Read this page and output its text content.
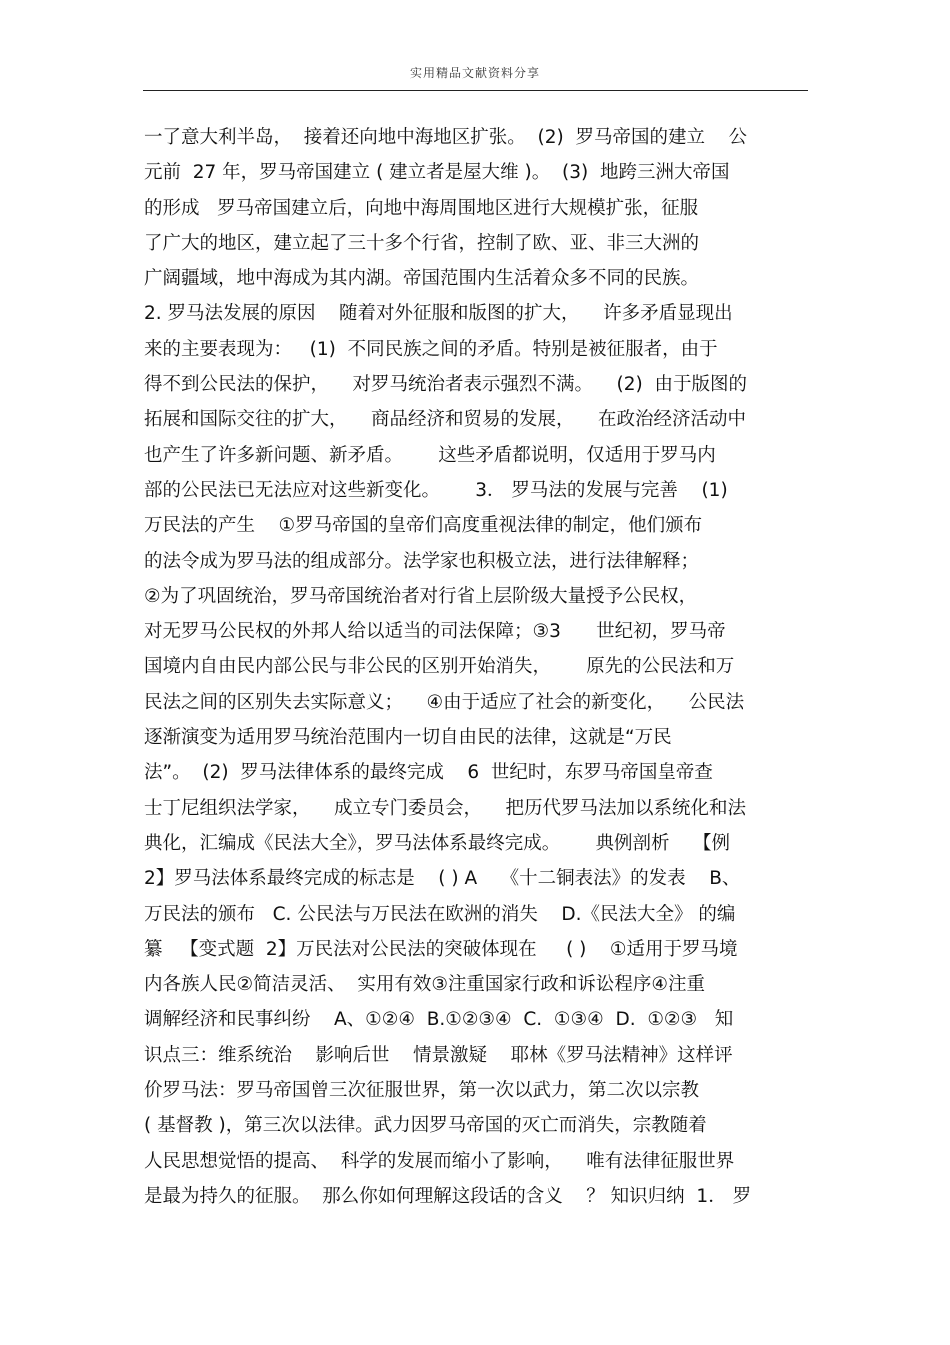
实用精品文献资料分享
一了意大利半岛，  接着还向地中海地区扩张。  (2)  罗马帝国的建立    公
元前  27 年，罗马帝国建立 ( 建立者是屋大维 )。  (3)  地跨三洲大帝国
的形成   罗马帝国建立后，向地中海周围地区进行大规模扩张，征服
了广大的地区，建立起了三十多个行省，控制了欧、亚、非三大洲的
广阔疆域，地中海成为其内湖。帝国范围内生活着众多不同的民族。
2. 罗马法发展的原因    随着对外征服和版图的扩大，    许多矛盾显现出
来的主要表现为：   (1)  不同民族之间的矛盾。特别是被征服者，由于
得不到公民法的保护，    对罗马统治者表示强烈不满。    (2)  由于版图的
拓展和国际交往的扩大，    商品经济和贸易的发展，    在政治经济活动中
也产生了许多新问题、新矛盾。      这些矛盾都说明，仅适用于罗马内
部的公民法已无法应对这些新变化。      3． 罗马法的发展与完善    (1)
万民法的产生    ①罗马帝国的皇帝们高度重视法律的制定，他们颁布
的法令成为罗马法的组成部分。法学家也积极立法，进行法律解释；
②为了巩固统治，罗马帝国统治者对行省上层阶级大量授予公民权，
对无罗马公民权的外邦人给以适当的司法保障；③3      世纪初，罗马帝
国境内自由民内部公民与非公民的区别开始消失，      原先的公民法和万
民法之间的区别失去实际意义；    ④由于适应了社会的新变化，    公民法
逐渐演变为适用罗马统治范围内一切自由民的法律，这就是“万民
法”。  (2)  罗马法律体系的最终完成    6  世纪时，东罗马帝国皇帝查
士丁尼组织法学家，    成立专门委员会，    把历代罗马法加以系统化和法
典化，汇编成《民法大全》，罗马法体系最终完成。      典例剖析    【例
2】罗马法体系最终完成的标志是    ( ) A    《十二铜表法》的发表    B、
万民法的颁布   C. 公民法与万民法在欧洲的消失    D.《民法大全》 的编
纂   【变式题  2】万民法对公民法的突破体现在     ( )    ①适用于罗马境
内各族人民②简洁灵活、  实用有效③注重国家行政和诉讼程序④注重
调解经济和民事纠纷    A、①②④  B.①②③④  C.  ①③④  D.  ①②③   知
识点三：维系统治    影响后世    情景激疑    耶林《罗马法精神》这样评
价罗马法：罗马帝国曾三次征服世界，第一次以武力，第二次以宗教
( 基督教 )，第三次以法律。武力因罗马帝国的灭亡而消失，宗教随着
人民思想觉悟的提高、  科学的发展而缩小了影响，    唯有法律征服世界
是最为持久的征服。  那么你如何理解这段话的含义    ？ 知识归纳  1． 罗
